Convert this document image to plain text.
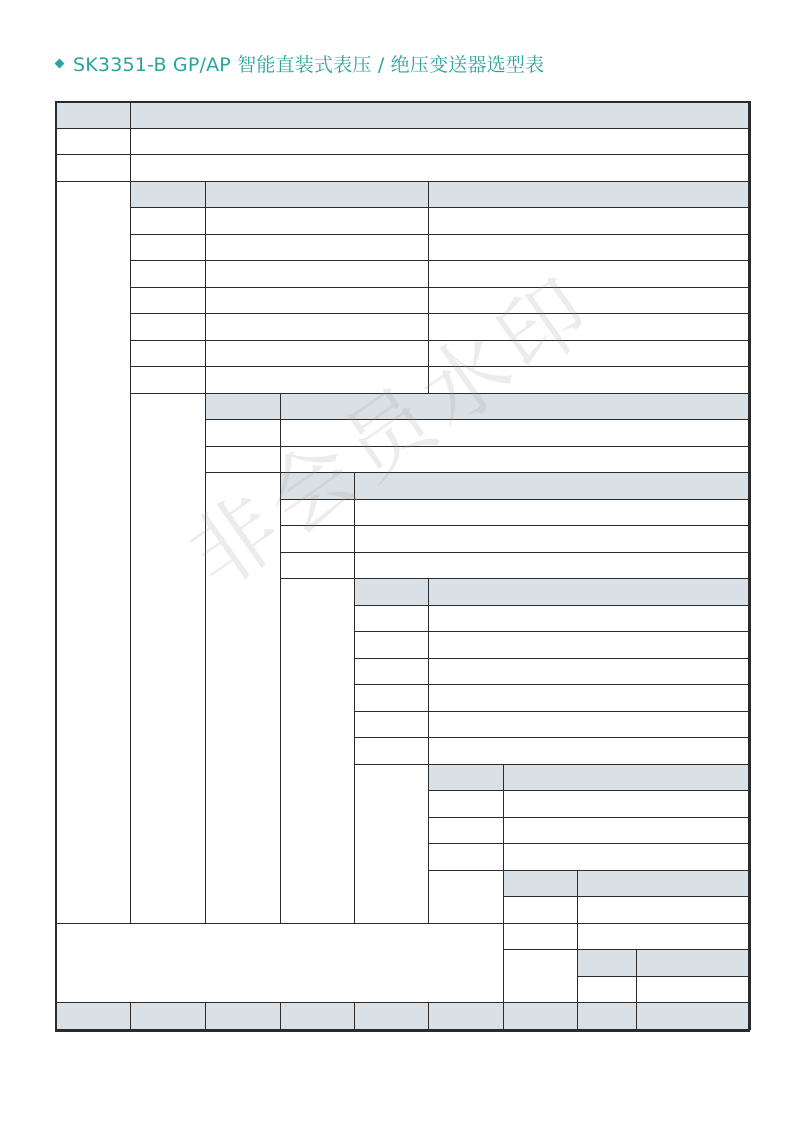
SK3351-B GP/AP 智能直装式表压 / 绝压变送器选型表
